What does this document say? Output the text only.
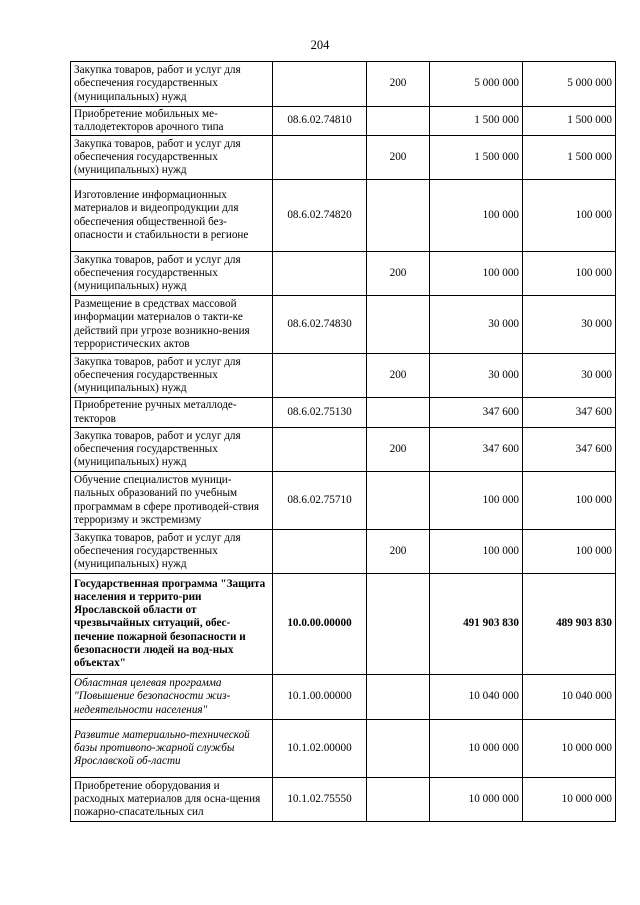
204
Закупка товаров, работ и услуг для обеспечения государственных (муниципальных) нужд		200	5 000 000	5 000 000
Приобретение мобильных ме-таллодетекторов арочного типа	08.6.02.74810		1 500 000	1 500 000
Закупка товаров, работ и услуг для обеспечения государственных (муниципальных) нужд		200	1 500 000	1 500 000
Изготовление информационных материалов и видеопродукции для обеспечения общественной без-опасности и стабильности в регионе	08.6.02.74820		100 000	100 000
Закупка товаров, работ и услуг для обеспечения государственных (муниципальных) нужд		200	100 000	100 000
Размещение в средствах массовой информации материалов о такти-ке действий при угрозе возникно-вения террористических актов	08.6.02.74830		30 000	30 000
Закупка товаров, работ и услуг для обеспечения государственных (муниципальных) нужд		200	30 000	30 000
Приобретение ручных металлоде-текторов	08.6.02.75130		347 600	347 600
Закупка товаров, работ и услуг для обеспечения государственных (муниципальных) нужд		200	347 600	347 600
Обучение специалистов муници-пальных образований по учебным программам в сфере противодей-ствия терроризму и экстремизму	08.6.02.75710		100 000	100 000
Закупка товаров, работ и услуг для обеспечения государственных (муниципальных) нужд		200	100 000	100 000
Государственная программа "Защита населения и террито-рии Ярославской области от чрезвычайных ситуаций, обес-печение пожарной безопасности и безопасности людей на вод-ных объектах"	10.0.00.00000		491 903 830	489 903 830
Областная целевая программа "Повышение безопасности жиз-недеятельности населения"	10.1.00.00000		10 040 000	10 040 000
Развитие материально-технической базы противопо-жарной службы Ярославской об-ласти	10.1.02.00000		10 000 000	10 000 000
Приобретение оборудования и расходных материалов для осна-щения пожарно-спасательных сил	10.1.02.75550		10 000 000	10 000 000
